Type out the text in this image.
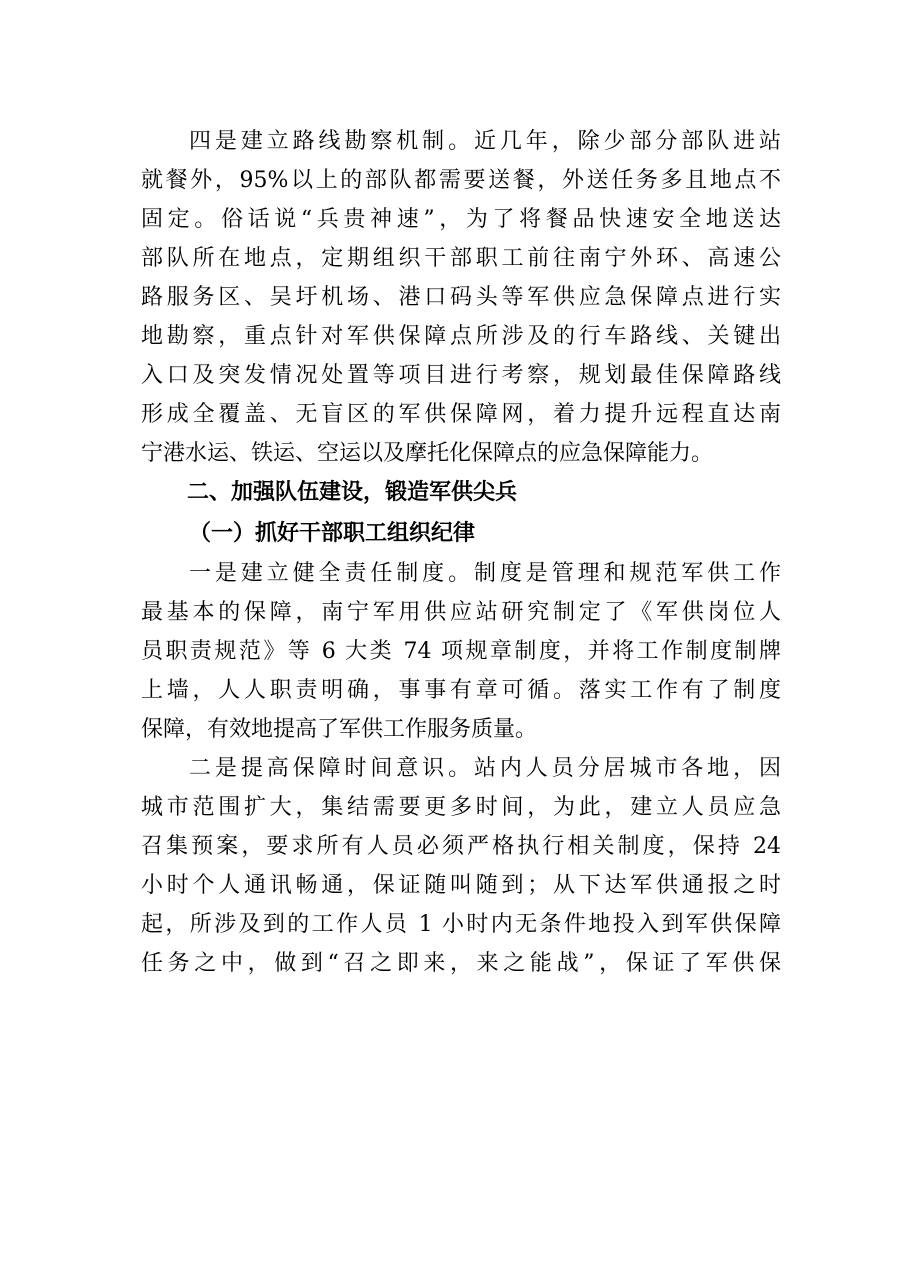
四是建立路线勘察机制。近几年，除少部分部队进站
就餐外，95%以上的部队都需要送餐，外送任务多且地点不
固定。俗话说“兵贵神速”，为了将餐品快速安全地送达
部队所在地点，定期组织干部职工前往南宁外环、高速公
路服务区、吴圩机场、港口码头等军供应急保障点进行实
地勘察，重点针对军供保障点所涉及的行车路线、关键出
入口及突发情况处置等项目进行考察，规划最佳保障路线
形成全覆盖、无盲区的军供保障网，着力提升远程直达南
宁港水运、铁运、空运以及摩托化保障点的应急保障能力。
二、加强队伍建设，锻造军供尖兵
（一）抓好干部职工组织纪律
一是建立健全责任制度。制度是管理和规范军供工作
最基本的保障，南宁军用供应站研究制定了《军供岗位人
员职责规范》等 6 大类 74 项规章制度，并将工作制度制牌
上墙，人人职责明确，事事有章可循。落实工作有了制度
保障，有效地提高了军供工作服务质量。
二是提高保障时间意识。站内人员分居城市各地，因
城市范围扩大，集结需要更多时间，为此，建立人员应急
召集预案，要求所有人员必须严格执行相关制度，保持 24
小时个人通讯畅通，保证随叫随到；从下达军供通报之时
起，所涉及到的工作人员 1 小时内无条件地投入到军供保障
任务之中，做到“召之即来，来之能战”，保证了军供保
